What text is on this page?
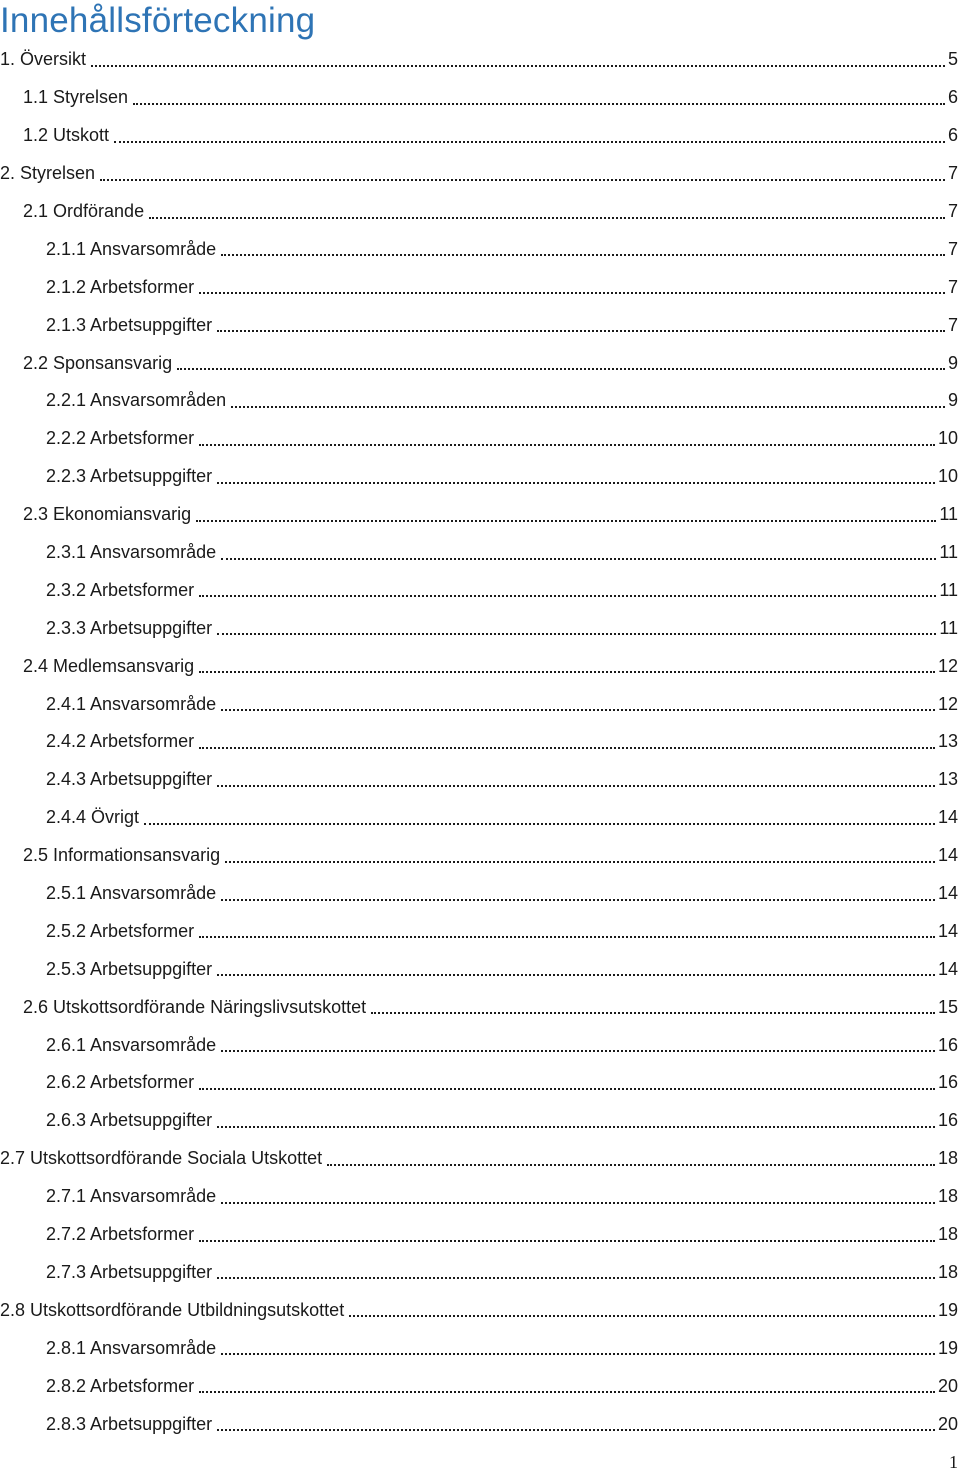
Innehållsförteckning
1. Översikt	5
1.1 Styrelsen	6
1.2 Utskott	6
2. Styrelsen	7
2.1 Ordförande	7
2.1.1 Ansvarsområde	7
2.1.2 Arbetsformer	7
2.1.3 Arbetsuppgifter	7
2.2 Sponsansvarig	9
2.2.1 Ansvarsområden	9
2.2.2 Arbetsformer	10
2.2.3 Arbetsuppgifter	10
2.3 Ekonomiansvarig	11
2.3.1 Ansvarsområde	11
2.3.2 Arbetsformer	11
2.3.3 Arbetsuppgifter	11
2.4 Medlemsansvarig	12
2.4.1 Ansvarsområde	12
2.4.2 Arbetsformer	13
2.4.3 Arbetsuppgifter	13
2.4.4 Övrigt	14
2.5 Informationsansvarig	14
2.5.1 Ansvarsområde	14
2.5.2 Arbetsformer	14
2.5.3 Arbetsuppgifter	14
2.6 Utskottsordförande Näringslivsutskottet	15
2.6.1 Ansvarsområde	16
2.6.2 Arbetsformer	16
2.6.3 Arbetsuppgifter	16
2.7 Utskottsordförande Sociala Utskottet	18
2.7.1 Ansvarsområde	18
2.7.2 Arbetsformer	18
2.7.3 Arbetsuppgifter	18
2.8 Utskottsordförande Utbildningsutskottet	19
2.8.1 Ansvarsområde	19
2.8.2 Arbetsformer	20
2.8.3 Arbetsuppgifter	20
1
